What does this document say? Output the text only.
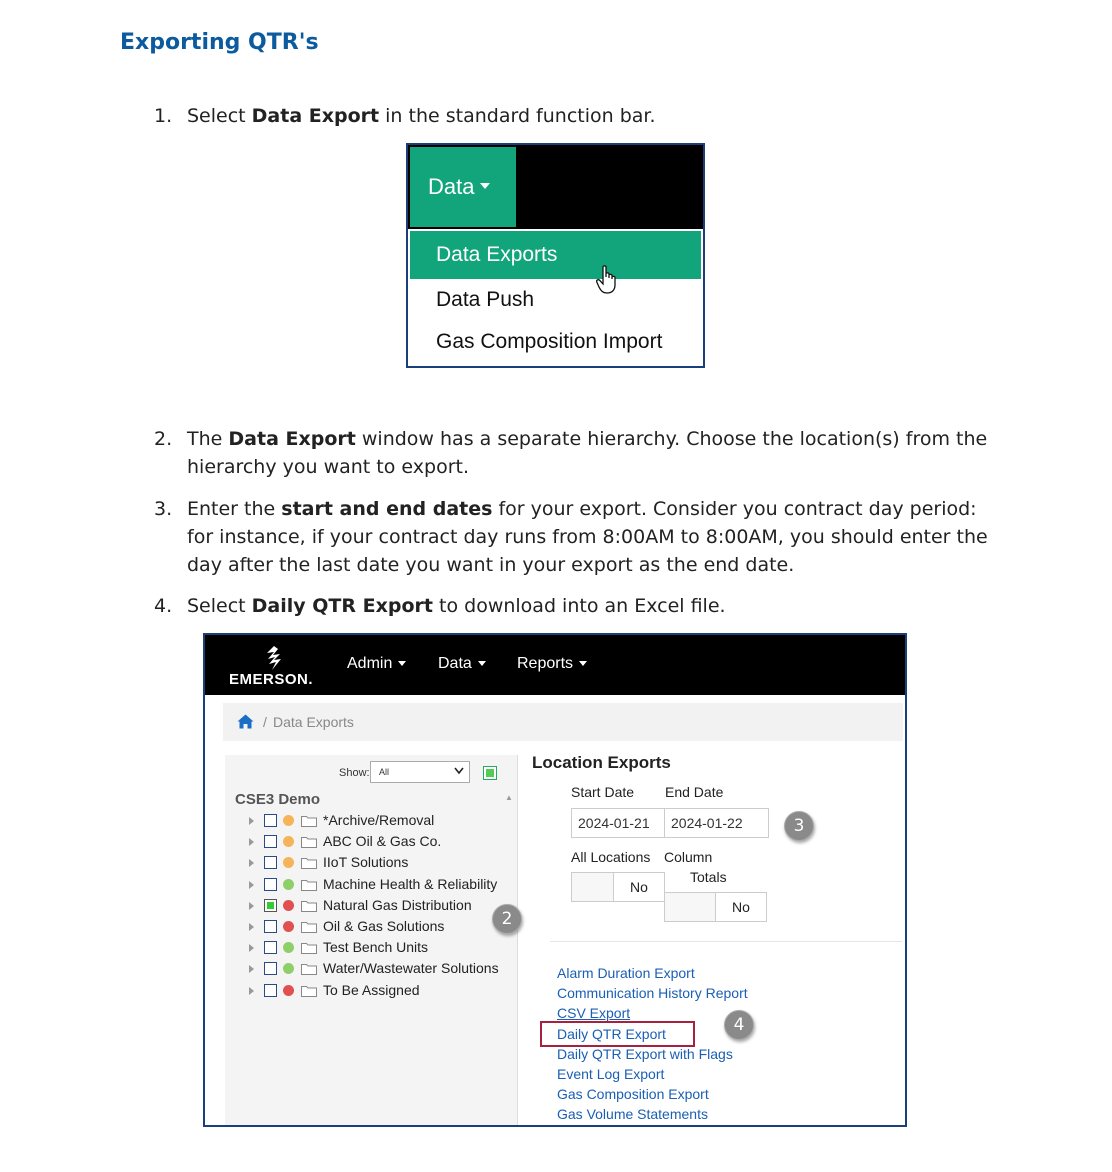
Exporting QTR's
1. Select Data Export in the standard function bar.
Data
Data Exports
Data Push
Gas Composition Import
2. The Data Export window has a separate hierarchy. Choose the location(s) from the hierarchy you want to export.
3. Enter the start and end dates for your export. Consider you contract day period: for instance, if your contract day runs from 8:00AM to 8:00AM, you should enter the day after the last date you want in your export as the end date.
4. Select Daily QTR Export to download into an Excel file.
EMERSON.
Admin	Data	Reports
/ Data Exports
Show:	All
CSE3 Demo	▲
*Archive/Removal
ABC Oil & Gas Co.
IIoT Solutions
Machine Health & Reliability
Natural Gas Distribution
Oil & Gas Solutions
Test Bench Units
Water/Wastewater Solutions
To Be Assigned
2
Location Exports
Start Date End Date
2024-01-21	2024-01-22	3
All Locations Column
Totals
No
No
Alarm Duration Export
Communication History Report
CSV Export
Daily QTR Export
Daily QTR Export with Flags
Event Log Export
Gas Composition Export
Gas Volume Statements
4
